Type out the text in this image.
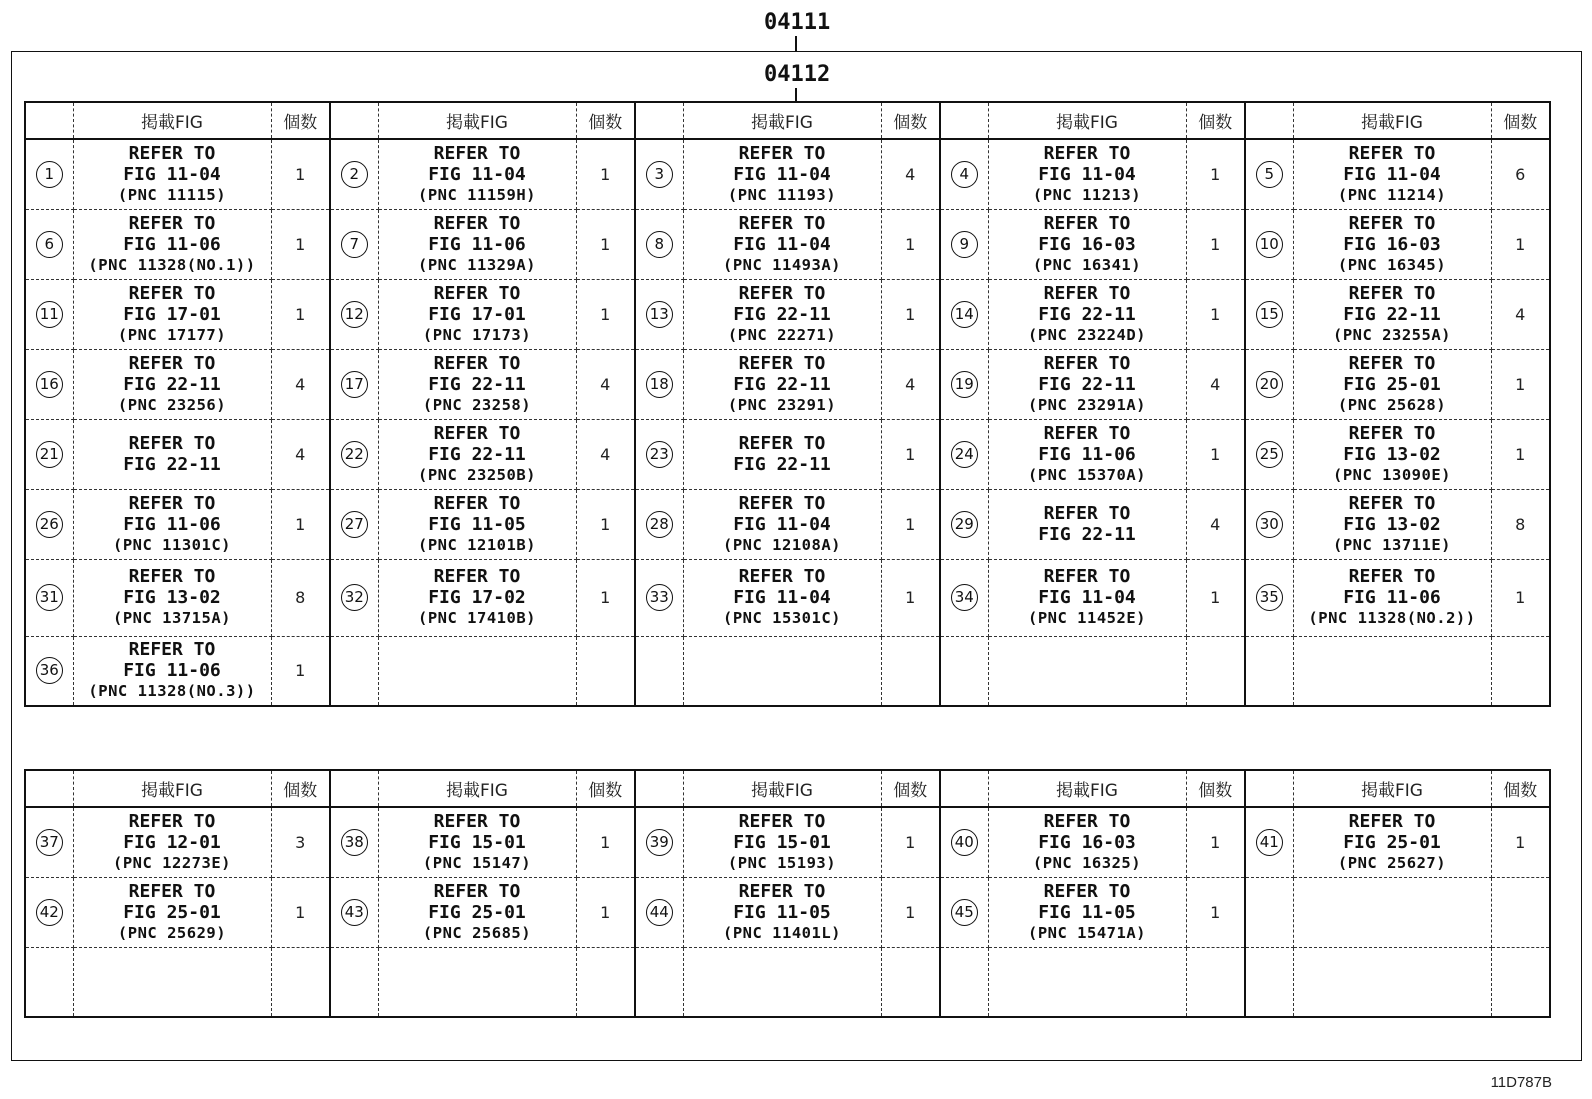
04111
04112
	掲載FIG	個数		掲載FIG	個数		掲載FIG	個数		掲載FIG	個数		掲載FIG	個数
1	REFER TO
FIG 11-04
(PNC 11115)	1	2	REFER TO
FIG 11-04
(PNC 11159H)	1	3	REFER TO
FIG 11-04
(PNC 11193)	4	4	REFER TO
FIG 11-04
(PNC 11213)	1	5	REFER TO
FIG 11-04
(PNC 11214)	6
6	REFER TO
FIG 11-06
(PNC 11328(NO.1))	1	7	REFER TO
FIG 11-06
(PNC 11329A)	1	8	REFER TO
FIG 11-04
(PNC 11493A)	1	9	REFER TO
FIG 16-03
(PNC 16341)	1	10	REFER TO
FIG 16-03
(PNC 16345)	1
11	REFER TO
FIG 17-01
(PNC 17177)	1	12	REFER TO
FIG 17-01
(PNC 17173)	1	13	REFER TO
FIG 22-11
(PNC 22271)	1	14	REFER TO
FIG 22-11
(PNC 23224D)	1	15	REFER TO
FIG 22-11
(PNC 23255A)	4
16	REFER TO
FIG 22-11
(PNC 23256)	4	17	REFER TO
FIG 22-11
(PNC 23258)	4	18	REFER TO
FIG 22-11
(PNC 23291)	4	19	REFER TO
FIG 22-11
(PNC 23291A)	4	20	REFER TO
FIG 25-01
(PNC 25628)	1
21	REFER TO
FIG 22-11	4	22	REFER TO
FIG 22-11
(PNC 23250B)	4	23	REFER TO
FIG 22-11	1	24	REFER TO
FIG 11-06
(PNC 15370A)	1	25	REFER TO
FIG 13-02
(PNC 13090E)	1
26	REFER TO
FIG 11-06
(PNC 11301C)	1	27	REFER TO
FIG 11-05
(PNC 12101B)	1	28	REFER TO
FIG 11-04
(PNC 12108A)	1	29	REFER TO
FIG 22-11	4	30	REFER TO
FIG 13-02
(PNC 13711E)	8
31	REFER TO
FIG 13-02
(PNC 13715A)	8	32	REFER TO
FIG 17-02
(PNC 17410B)	1	33	REFER TO
FIG 11-04
(PNC 15301C)	1	34	REFER TO
FIG 11-04
(PNC 11452E)	1	35	REFER TO
FIG 11-06
(PNC 11328(NO.2))	1
36	REFER TO
FIG 11-06
(PNC 11328(NO.3))	1												
	掲載FIG	個数		掲載FIG	個数		掲載FIG	個数		掲載FIG	個数		掲載FIG	個数
37	REFER TO
FIG 12-01
(PNC 12273E)	3	38	REFER TO
FIG 15-01
(PNC 15147)	1	39	REFER TO
FIG 15-01
(PNC 15193)	1	40	REFER TO
FIG 16-03
(PNC 16325)	1	41	REFER TO
FIG 25-01
(PNC 25627)	1
42	REFER TO
FIG 25-01
(PNC 25629)	1	43	REFER TO
FIG 25-01
(PNC 25685)	1	44	REFER TO
FIG 11-05
(PNC 11401L)	1	45	REFER TO
FIG 11-05
(PNC 15471A)	1			

11D787B
